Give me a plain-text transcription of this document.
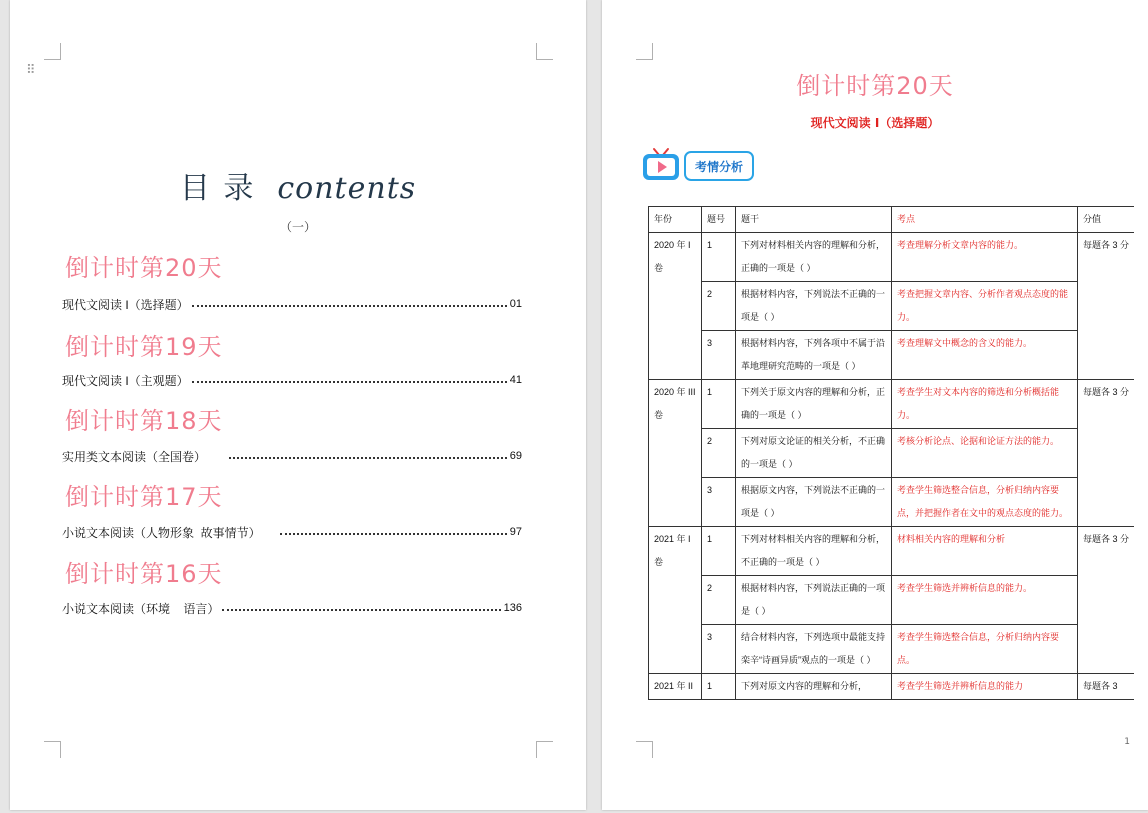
⠿
目 录 contents
（一）
倒计时第20天
现代文阅读 I（选择题）	01
倒计时第19天
现代文阅读 I（主观题）	41
倒计时第18天
实用类文本阅读（全国卷）	69
倒计时第17天
小说文本阅读（人物形象  故事情节）	97
倒计时第16天
小说文本阅读（环境    语言）	136
倒计时第20天
现代文阅读 I（选择题）
考情分析
年份	题号	题干	考点	分值
2020 年 I 卷	1	下列对材料相关内容的理解和分析，正确的一项是（ ）	考查理解分析文章内容的能力。	每题各 3 分
	2	根据材料内容，下列说法不正确的一项是（ ）	考查把握文章内容、分析作者观点态度的能力。	
	3	根据材料内容，下列各项中不属于沿革地理研究范畴的一项是（ ）	考查理解文中概念的含义的能力。	
2020 年 III 卷	1	下列关于原文内容的理解和分析，正确的一项是（ ）	考查学生对文本内容的筛选和分析概括能力。	每题各 3 分
	2	下列对原文论证的相关分析，不正确的一项是（ ）	考核分析论点、论据和论证方法的能力。	
	3	根据原文内容，下列说法不正确的一项是（ ）	考查学生筛选整合信息，分析归纳内容要点，并把握作者在文中的观点态度的能力。	
2021 年 I 卷	1	下列对材料相关内容的理解和分析，不正确的一项是（ ）	材料相关内容的理解和分析	每题各 3 分
	2	根据材料内容，下列说法正确的一项是（ ）	考查学生筛选并辨析信息的能力。	
	3	结合材料内容，下列选项中最能支持栾辛“诗画异质”观点的一项是（ ）	考查学生筛选整合信息，分析归纳内容要点。	
2021 年 II	1	下列对原文内容的理解和分析，	考查学生筛选并辨析信息的能力	每题各 3
1
